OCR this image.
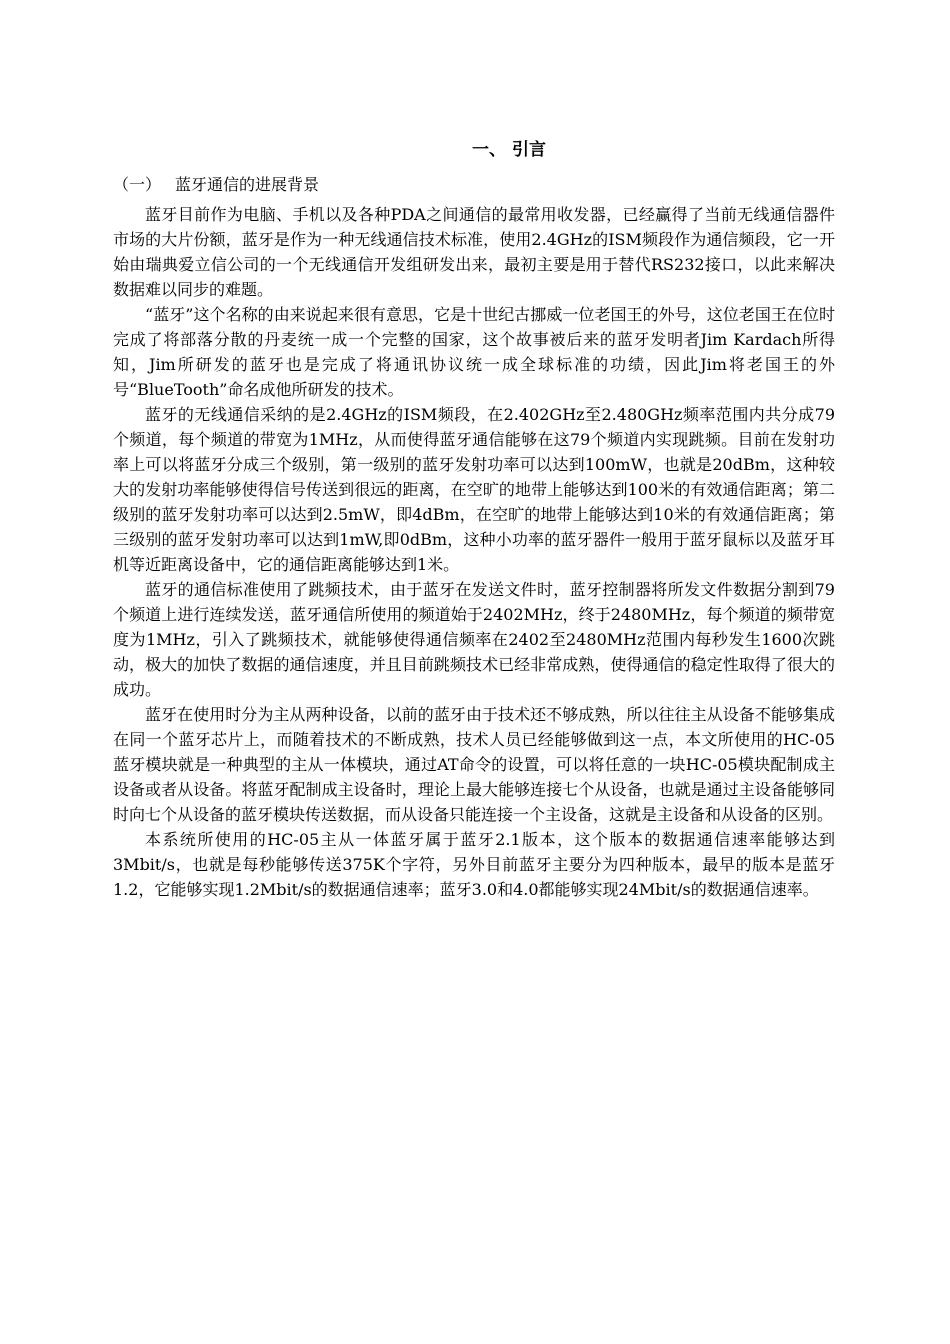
一、 引言
（一） 蓝牙通信的进展背景

蓝牙目前作为电脑、手机以及各种PDA之间通信的最常用收发器，已经赢得了当前无线通信器件市场的大片份额，蓝牙是作为一种无线通信技术标准，使用2.4GHz的ISM频段作为通信频段，它一开始由瑞典爱立信公司的一个无线通信开发组研发出来，最初主要是用于替代RS232接口，以此来解决数据难以同步的难题。

“蓝牙”这个名称的由来说起来很有意思，它是十世纪古挪威一位老国王的外号，这位老国王在位时完成了将部落分散的丹麦统一成一个完整的国家，这个故事被后来的蓝牙发明者Jim Kardach所得知，Jim所研发的蓝牙也是完成了将通讯协议统一成全球标准的功绩，因此Jim将老国王的外号“BlueTooth”命名成他所研发的技术。

蓝牙的无线通信采纳的是2.4GHz的ISM频段，在2.402GHz至2.480GHz频率范围内共分成79个频道，每个频道的带宽为1MHz，从而使得蓝牙通信能够在这79个频道内实现跳频。目前在发射功率上可以将蓝牙分成三个级别，第一级别的蓝牙发射功率可以达到100mW，也就是20dBm，这种较大的发射功率能够使得信号传送到很远的距离，在空旷的地带上能够达到100米的有效通信距离；第二级别的蓝牙发射功率可以达到2.5mW，即4dBm，在空旷的地带上能够达到10米的有效通信距离；第三级别的蓝牙发射功率可以达到1mW,即0dBm，这种小功率的蓝牙器件一般用于蓝牙鼠标以及蓝牙耳机等近距离设备中，它的通信距离能够达到1米。

蓝牙的通信标准使用了跳频技术，由于蓝牙在发送文件时，蓝牙控制器将所发文件数据分割到79个频道上进行连续发送，蓝牙通信所使用的频道始于2402MHz，终于2480MHz，每个频道的频带宽度为1MHz，引入了跳频技术，就能够使得通信频率在2402至2480MHz范围内每秒发生1600次跳动，极大的加快了数据的通信速度，并且目前跳频技术已经非常成熟，使得通信的稳定性取得了很大的成功。

蓝牙在使用时分为主从两种设备，以前的蓝牙由于技术还不够成熟，所以往往主从设备不能够集成在同一个蓝牙芯片上，而随着技术的不断成熟，技术人员已经能够做到这一点，本文所使用的HC-05蓝牙模块就是一种典型的主从一体模块，通过AT命令的设置，可以将任意的一块HC-05模块配制成主设备或者从设备。将蓝牙配制成主设备时，理论上最大能够连接七个从设备，也就是通过主设备能够同时向七个从设备的蓝牙模块传送数据，而从设备只能连接一个主设备，这就是主设备和从设备的区别。

本系统所使用的HC-05主从一体蓝牙属于蓝牙2.1版本，这个版本的数据通信速率能够达到3Mbit/s，也就是每秒能够传送375K个字符，另外目前蓝牙主要分为四种版本，最早的版本是蓝牙1.2，它能够实现1.2Mbit/s的数据通信速率；蓝牙3.0和4.0都能够实现24Mbit/s的数据通信速率。
